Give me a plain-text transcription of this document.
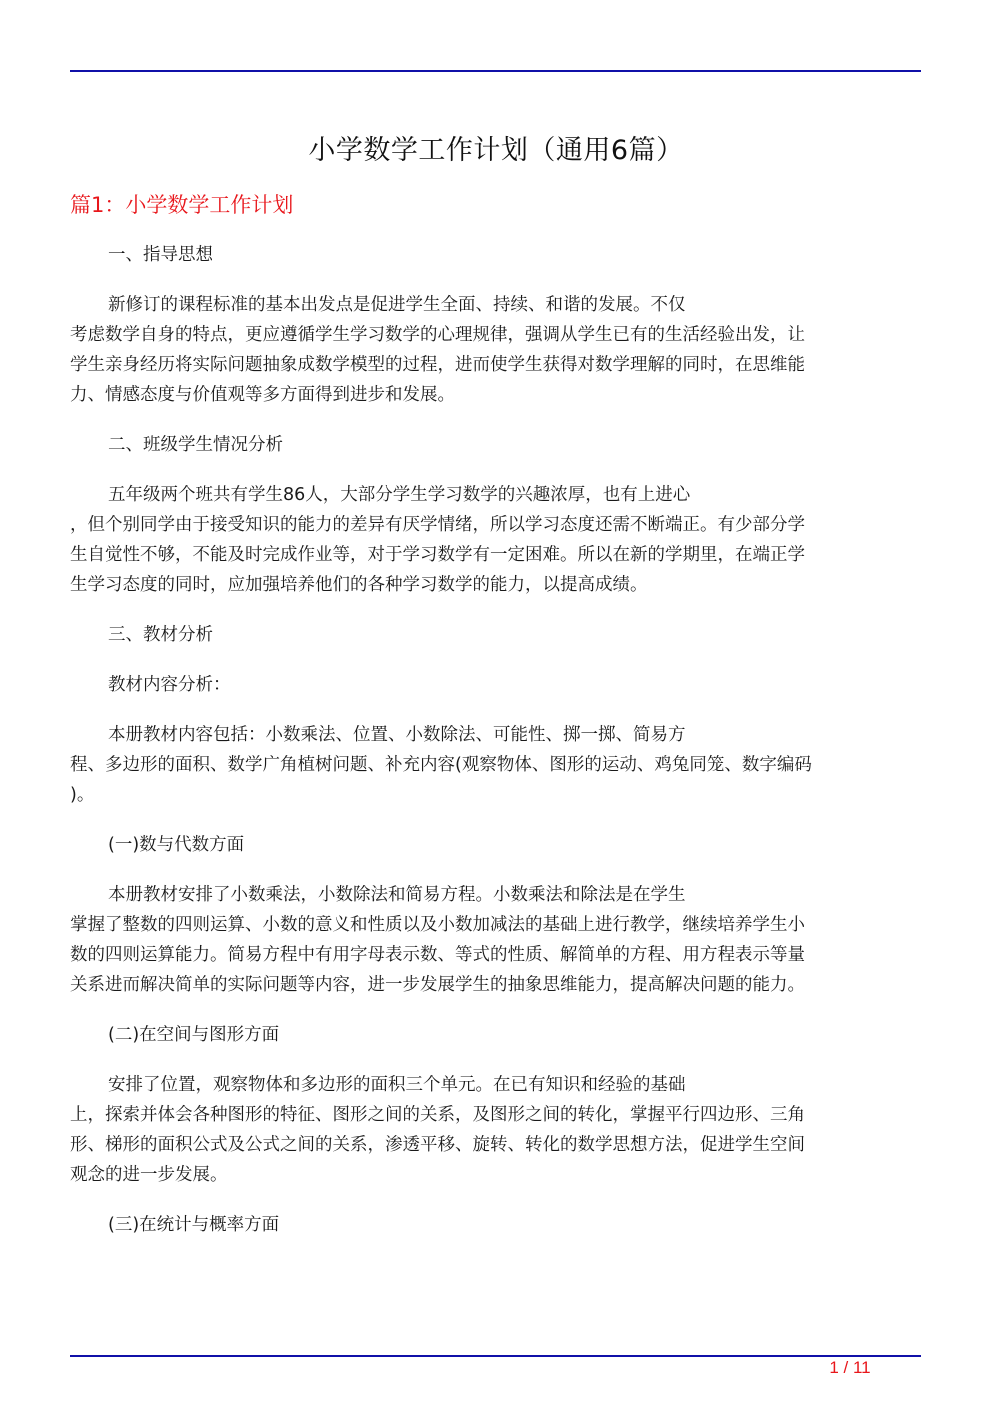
小学数学工作计划（通用6篇）
篇1：小学数学工作计划
一、指导思想
新修订的课程标准的基本出发点是促进学生全面、持续、和谐的发展。不仅
考虑数学自身的特点，更应遵循学生学习数学的心理规律，强调从学生已有的生活经验出发，让
学生亲身经历将实际问题抽象成数学模型的过程，进而使学生获得对数学理解的同时，在思维能
力、情感态度与价值观等多方面得到进步和发展。
二、班级学生情况分析
五年级两个班共有学生86人，大部分学生学习数学的兴趣浓厚，也有上进心
，但个别同学由于接受知识的能力的差异有厌学情绪，所以学习态度还需不断端正。有少部分学
生自觉性不够，不能及时完成作业等，对于学习数学有一定困难。所以在新的学期里，在端正学
生学习态度的同时，应加强培养他们的各种学习数学的能力，以提高成绩。
三、教材分析
教材内容分析：
本册教材内容包括：小数乘法、位置、小数除法、可能性、掷一掷、简易方
程、多边形的面积、数学广角植树问题、补充内容(观察物体、图形的运动、鸡兔同笼、数字编码
)。
(一)数与代数方面
本册教材安排了小数乘法，小数除法和简易方程。小数乘法和除法是在学生
掌握了整数的四则运算、小数的意义和性质以及小数加减法的基础上进行教学，继续培养学生小
数的四则运算能力。简易方程中有用字母表示数、等式的性质、解简单的方程、用方程表示等量
关系进而解决简单的实际问题等内容，进一步发展学生的抽象思维能力，提高解决问题的能力。
(二)在空间与图形方面
安排了位置，观察物体和多边形的面积三个单元。在已有知识和经验的基础
上，探索并体会各种图形的特征、图形之间的关系，及图形之间的转化，掌握平行四边形、三角
形、梯形的面积公式及公式之间的关系，渗透平移、旋转、转化的数学思想方法，促进学生空间
观念的进一步发展。
(三)在统计与概率方面
1 / 11
